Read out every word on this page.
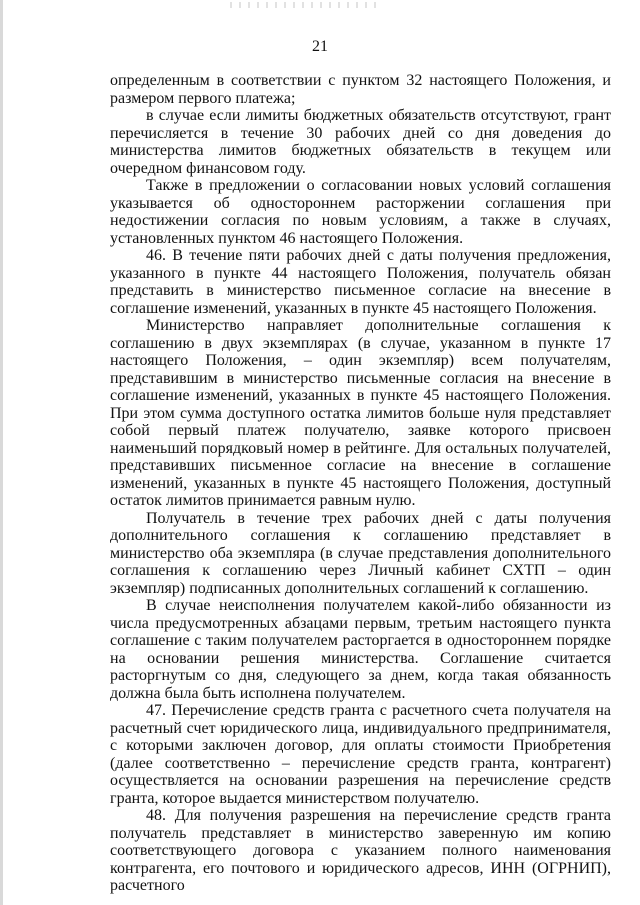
21

определенным в соответствии с пунктом 32 настоящего Положения, и размером первого платежа;

в случае если лимиты бюджетных обязательств отсутствуют, грант перечисляется в течение 30 рабочих дней со дня доведения до министерства лимитов бюджетных обязательств в текущем или очередном финансовом году.

Также в предложении о согласовании новых условий соглашения указывается об одностороннем расторжении соглашения при недостижении согласия по новым условиям, а также в случаях, установленных пунктом 46 настоящего Положения.

46. В течение пяти рабочих дней с даты получения предложения, указанного в пункте 44 настоящего Положения, получатель обязан представить в министерство письменное согласие на внесение в соглашение изменений, указанных в пункте 45 настоящего Положения.

Министерство направляет дополнительные соглашения к соглашению в двух экземплярах (в случае, указанном в пункте 17 настоящего Положения, – один экземпляр) всем получателям, представившим в министерство письменные согласия на внесение в соглашение изменений, указанных в пункте 45 настоящего Положения. При этом сумма доступного остатка лимитов больше нуля представляет собой первый платеж получателю, заявке которого присвоен наименьший порядковый номер в рейтинге. Для остальных получателей, представивших письменное согласие на внесение в соглашение изменений, указанных в пункте 45 настоящего Положения, доступный остаток лимитов принимается равным нулю.

Получатель в течение трех рабочих дней с даты получения дополнительного соглашения к соглашению представляет в министерство оба экземпляра (в случае представления дополнительного соглашения к соглашению через Личный кабинет СХТП – один экземпляр) подписанных дополнительных соглашений к соглашению.

В случае неисполнения получателем какой-либо обязанности из числа предусмотренных абзацами первым, третьим настоящего пункта соглашение с таким получателем расторгается в одностороннем порядке на основании решения министерства. Соглашение считается расторгнутым со дня, следующего за днем, когда такая обязанность должна была быть исполнена получателем.

47. Перечисление средств гранта с расчетного счета получателя на расчетный счет юридического лица, индивидуального предпринимателя, с которыми заключен договор, для оплаты стоимости Приобретения (далее соответственно – перечисление средств гранта, контрагент) осуществляется на основании разрешения на перечисление средств гранта, которое выдается министерством получателю.

48. Для получения разрешения на перечисление средств гранта получатель представляет в министерство заверенную им копию соответствующего договора с указанием полного наименования контрагента, его почтового и юридического адресов, ИНН (ОГРНИП), расчетного
